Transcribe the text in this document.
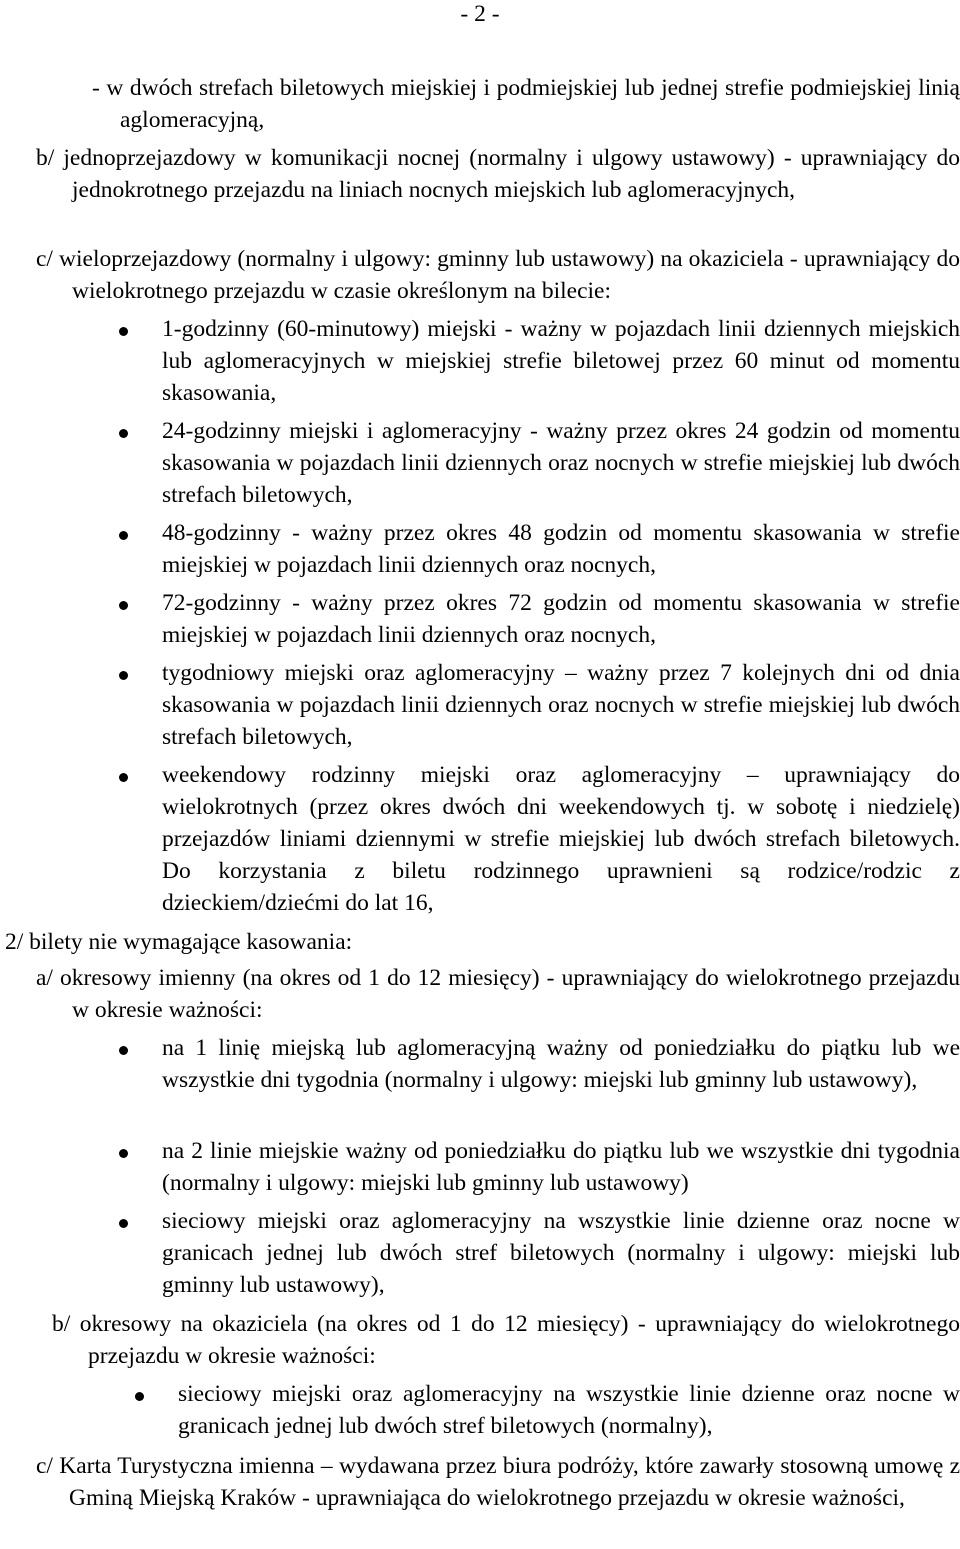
- 2 -
- w dwóch strefach biletowych miejskiej i podmiejskiej lub jednej strefie podmiejskiej linią aglomeracyjną,
b/ jednoprzejazdowy w komunikacji nocnej (normalny i ulgowy ustawowy) - uprawniający do jednokrotnego przejazdu na liniach nocnych miejskich lub aglomeracyjnych,
c/ wieloprzejazdowy (normalny i ulgowy: gminny lub ustawowy) na okaziciela - uprawniający do wielokrotnego przejazdu w czasie określonym na bilecie:
1-godzinny (60-minutowy) miejski - ważny w pojazdach linii dziennych miejskich lub aglomeracyjnych w miejskiej strefie biletowej przez 60 minut od momentu skasowania,
24-godzinny miejski i aglomeracyjny - ważny przez okres 24 godzin od momentu skasowania w pojazdach linii dziennych oraz nocnych w strefie miejskiej lub dwóch strefach biletowych,
48-godzinny - ważny przez okres 48 godzin od momentu skasowania w strefie miejskiej w pojazdach linii dziennych oraz nocnych,
72-godzinny - ważny przez okres 72 godzin od momentu skasowania w strefie miejskiej w pojazdach linii dziennych oraz nocnych,
tygodniowy miejski oraz aglomeracyjny – ważny przez 7 kolejnych dni od dnia skasowania w pojazdach linii dziennych oraz nocnych w strefie miejskiej lub dwóch strefach biletowych,
weekendowy rodzinny miejski oraz aglomeracyjny – uprawniający do wielokrotnych (przez okres dwóch dni weekendowych tj. w sobotę i niedzielę) przejazdów liniami dziennymi w strefie miejskiej lub dwóch strefach biletowych. Do korzystania z biletu rodzinnego uprawnieni są rodzice/rodzic z dzieckiem/dziećmi do lat 16,
2/ bilety nie wymagające kasowania:
a/ okresowy imienny (na okres od 1 do 12 miesięcy) - uprawniający do wielokrotnego przejazdu w okresie ważności:
na 1 linię miejską lub aglomeracyjną ważny od poniedziałku do piątku lub we wszystkie dni tygodnia (normalny i ulgowy: miejski lub gminny lub ustawowy),
na 2 linie miejskie ważny od poniedziałku do piątku lub we wszystkie dni tygodnia (normalny i ulgowy: miejski lub gminny lub ustawowy)
sieciowy miejski oraz aglomeracyjny na wszystkie linie dzienne oraz nocne w granicach jednej lub dwóch stref biletowych (normalny i ulgowy: miejski lub gminny lub ustawowy),
b/ okresowy na okaziciela (na okres od 1 do 12 miesięcy) - uprawniający do wielokrotnego przejazdu w okresie ważności:
sieciowy miejski oraz aglomeracyjny na wszystkie linie dzienne oraz nocne w granicach jednej lub dwóch stref biletowych (normalny),
c/ Karta Turystyczna imienna – wydawana przez biura podróży, które zawarły stosowną umowę z Gminą Miejską Kraków - uprawniająca do wielokrotnego przejazdu w okresie ważności,
